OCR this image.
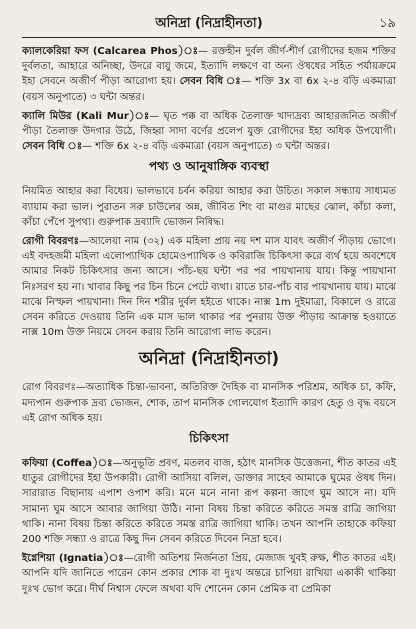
অনিদ্রা (নিদ্রাহীনতা)	১৯

ক্যালকেরিয়া ফস (Calcarea Phos)ঃ— রক্তহীন দুর্বল জীর্ণ-শীর্ণ রোগীদের হজম শক্তির দুর্বলতা, আহারে অনিচ্ছা, উদরে বায়ু জমে, ইত্যাদি লক্ষণে বা অন্য ঔষধের সহিত পর্যায়ক্রমে ইহা সেবনে অজীর্ণ পীড়া আরোগ্য হয়। সেবন বিধি ঃ— শক্তি 3x বা 6x ২-৪ বড়ি একমাত্রা (বয়স অনুপাতে) ৩ ঘন্টা অন্তর।

ক্যালি মিউর (Kali Mur)ঃ— ঘৃত পক্ক বা অধিক তৈলাক্ত খাদ্যদ্রব্য আহারজনিত অজীর্ণ পীড়া তৈলাক্ত উদগার উঠে, জিহ্বা সাদা বর্ণের প্রলেপ যুক্ত রোগীদের ইহা অধিক উপযোগী। সেবন বিধি ঃ— শক্তি 6x ২-৪ বড়ি একমাত্রা (বয়স অনুপাতে) ৩ ঘন্টা অন্তর।

পথ্য ও আনুষাঙ্গিক ব্যবস্থা

নিয়মিত আহার করা বিধেয়। ভালভাবে চর্বন করিয়া আহার করা উচিত। সকাল সন্ধ্যায় সাধ্যমত ব্যায়াম করা ভাল। পুরাতন সরু চাউলের অন্ন, জীবিত শিং বা মাগুর মাছের ঝোল, কাঁচা কলা, কাঁচা পেঁপে সুপথ্য। গুরুপাক দ্রব্যাদি ভোজন নিষিদ্ধ।

রোগী বিবরণঃ—আলেয়া নাম (৩২) এক মহিলা প্রায় নয় দশ মাস যাবৎ অজীর্ণ পীড়ায় ভোগে। এই বদহজমী মহিলা এলোপ্যাথিক হোমেওপ্যাথিক ও কবিরাজি চিকিৎসা করে ব্যর্থ হয়ে অবশেষে আমার নিকট চিকিৎসার জন্য আসে। পাঁচ-ছয় ঘন্টা পর পর পায়খানায় যায়। কিন্তু পায়খানা নিঃসরণ হয় না। খাবার কিছু পর চিন চিনে পেটে ব্যথা। রাতে চার-পাঁচ বার পায়খানায় যায়। মাঝে মাঝে নিস্ফল পায়খানা। দিন দিন শরীর দুর্বল হইতে থাকে। নাক্স 1m দুইমাত্রা, বিকালে ও রাত্রে সেবন করিতে দেওয়ায় তিনি এক মাস ভাল থাকার পর পুনরায় উক্ত পীড়ায় আক্রান্ত হওয়াতে নাক্স 10m উক্ত নিয়মে সেবন করায় তিনি আরোগ্য লাভ করেন।

অনিদ্রা (নিদ্রাহীনতা)

রোগ বিবরণঃ—অত্যাধিক চিন্তা-ভাবনা, অতিরিক্ত দৈহিক বা মানসিক পরিশ্রম, অধিক চা, কফি, মদ্যপান গুরুপাক দ্রব্য ভোজন, শোক, তাপ মানসিক গোলযোগ ইত্যাদি কারণ হেতু ও বৃদ্ধ বয়সে এই রোগ অধিক হয়।

চিকিৎসা

কফিয়া (Coffea)ঃ—অনুভূতি প্রবণ, মতলব বাজ, হঠাৎ মানসিক উত্তেজনা, শীত কাতর এই ধাতুর রোগীদের ইহা উপকারী। রোগী আসিয়া বলিল, ডাক্তার সাহেব আমাকে ঘুমের ঔষধ দিন। সারারাত বিছানায় এপাশ ওপাশ করি। মনে মনে নানা রূপ কল্পনা জাগে ঘুম আসে না। যদি সামান্য ঘুম আসে আবার জাগিয়া উঠি। নানা বিষয় চিন্তা করিতে করিতে সমস্ত রাত্রি জাগিয়া থাকি। নানা বিষয় চিন্তা করিতে করিতে সমস্ত রাত্রি জাগিয়া থাকি। তখন আপনি তাহাকে কফিয়া 200 শক্তি সন্ধ্যা ও রাত্রে কিছু দিন সেবন করিতে দিবেন নিদ্রা হবে।

ইগ্নেশিয়া (Ignatia)ঃ—রোগী অতিশয় নির্জনতা প্রিয়, মেজাজ খুবই রুক্ষ, শীত কাতর এই। আপনি যদি জানিতে পারেন কোন প্রকার শোক বা দুঃখ অন্তরে চাপিয়া রাখিয়া একাকী থাকিয়া দুঃখ ভোগ করে। দীর্ঘ নিশ্বাস ফেলে অথবা যদি শোনেন কোন প্রেমিক বা প্রেমিকা
